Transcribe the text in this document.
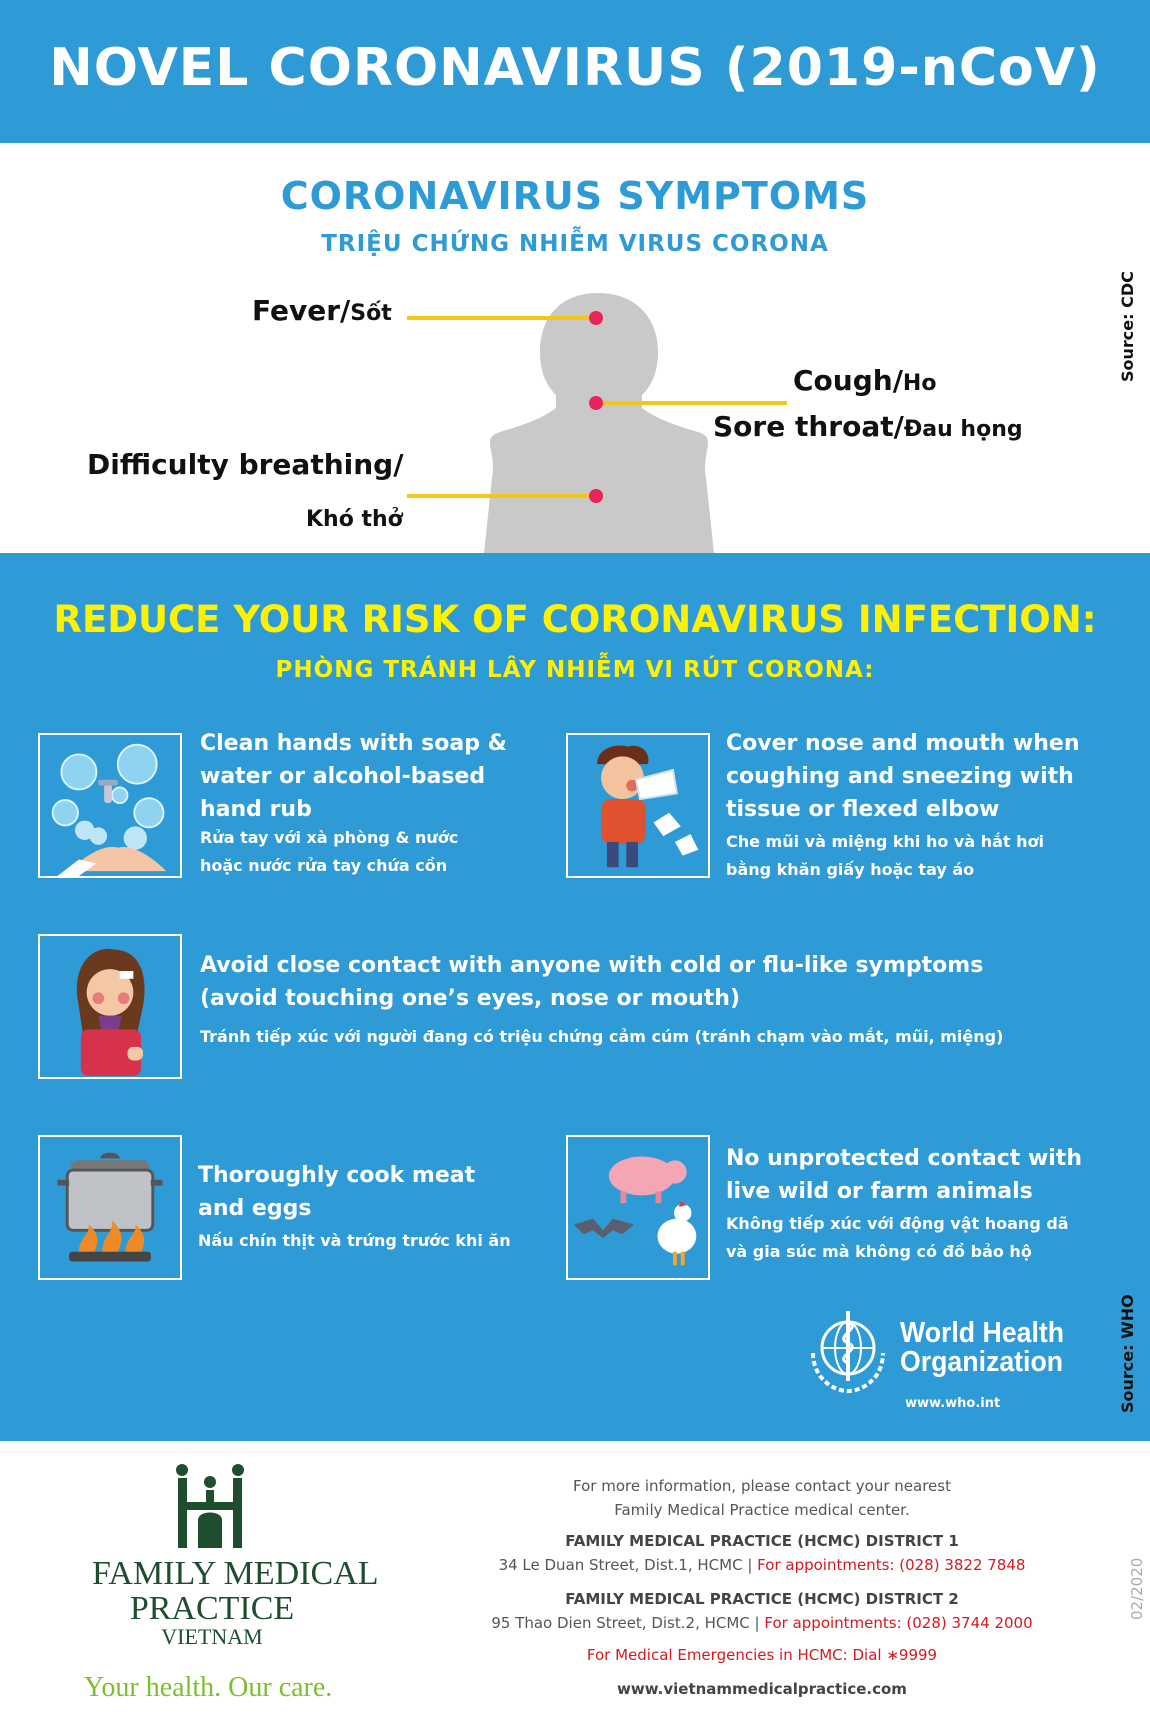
NOVEL CORONAVIRUS (2019-nCoV)
CORONAVIRUS SYMPTOMS
TRIỆU CHỨNG NHIỄM VIRUS CORONA
Fever/Sốt
Cough/Ho
Sore throat/Đau họng
Difficulty breathing/
Khó thở
Source: CDC
REDUCE YOUR RISK OF CORONAVIRUS INFECTION:
PHÒNG TRÁNH LÂY NHIỄM VI RÚT CORONA:
Clean hands with soap &
water or alcohol-based
hand rub
Rửa tay với xà phòng & nước
hoặc nước rửa tay chứa cồn
Cover nose and mouth when
coughing and sneezing with
tissue or flexed elbow
Che mũi và miệng khi ho và hắt hơi
bằng khăn giấy hoặc tay áo
Avoid close contact with anyone with cold or flu-like symptoms
(avoid touching one’s eyes, nose or mouth)
Tránh tiếp xúc với người đang có triệu chứng cảm cúm (tránh chạm vào mắt, mũi, miệng)
Thoroughly cook meat
and eggs
Nấu chín thịt và trứng trước khi ăn
No unprotected contact with
live wild or farm animals
Không tiếp xúc với động vật hoang dã
và gia súc mà không có đồ bảo hộ
World Health
Organization
www.who.int	Source: WHO
FAMILY MEDICAL
PRACTICE
VIETNAM
Your health. Our care.
For more information, please contact your nearest
Family Medical Practice medical center.
FAMILY MEDICAL PRACTICE (HCMC) DISTRICT 1
34 Le Duan Street, Dist.1, HCMC | For appointments: (028) 3822 7848
FAMILY MEDICAL PRACTICE (HCMC) DISTRICT 2
95 Thao Dien Street, Dist.2, HCMC | For appointments: (028) 3744 2000
For Medical Emergencies in HCMC: Dial ∗9999
www.vietnammedicalpractice.com
02/2020
